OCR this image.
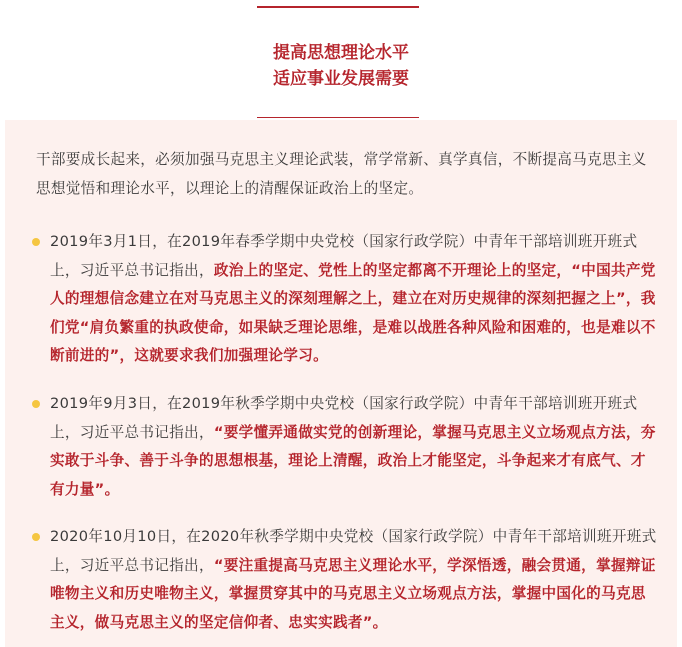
提高思想理论水平
适应事业发展需要
干部要成长起来，必须加强马克思主义理论武装，常学常新、真学真信，不断提高马克思主义思想觉悟和理论水平，以理论上的清醒保证政治上的坚定。
2019年3月1日，在2019年春季学期中央党校（国家行政学院）中青年干部培训班开班式上，习近平总书记指出，政治上的坚定、党性上的坚定都离不开理论上的坚定，“中国共产党人的理想信念建立在对马克思主义的深刻理解之上，建立在对历史规律的深刻把握之上”，我们党“肩负繁重的执政使命，如果缺乏理论思维，是难以战胜各种风险和困难的，也是难以不断前进的”，这就要求我们加强理论学习。
2019年9月3日，在2019年秋季学期中央党校（国家行政学院）中青年干部培训班开班式上，习近平总书记指出，“要学懂弄通做实党的创新理论，掌握马克思主义立场观点方法，夯实敢于斗争、善于斗争的思想根基，理论上清醒，政治上才能坚定，斗争起来才有底气、才有力量”。
2020年10月10日，在2020年秋季学期中央党校（国家行政学院）中青年干部培训班开班式上，习近平总书记指出，“要注重提高马克思主义理论水平，学深悟透，融会贯通，掌握辩证唯物主义和历史唯物主义，掌握贯穿其中的马克思主义立场观点方法，掌握中国化的马克思主义，做马克思主义的坚定信仰者、忠实实践者”。
